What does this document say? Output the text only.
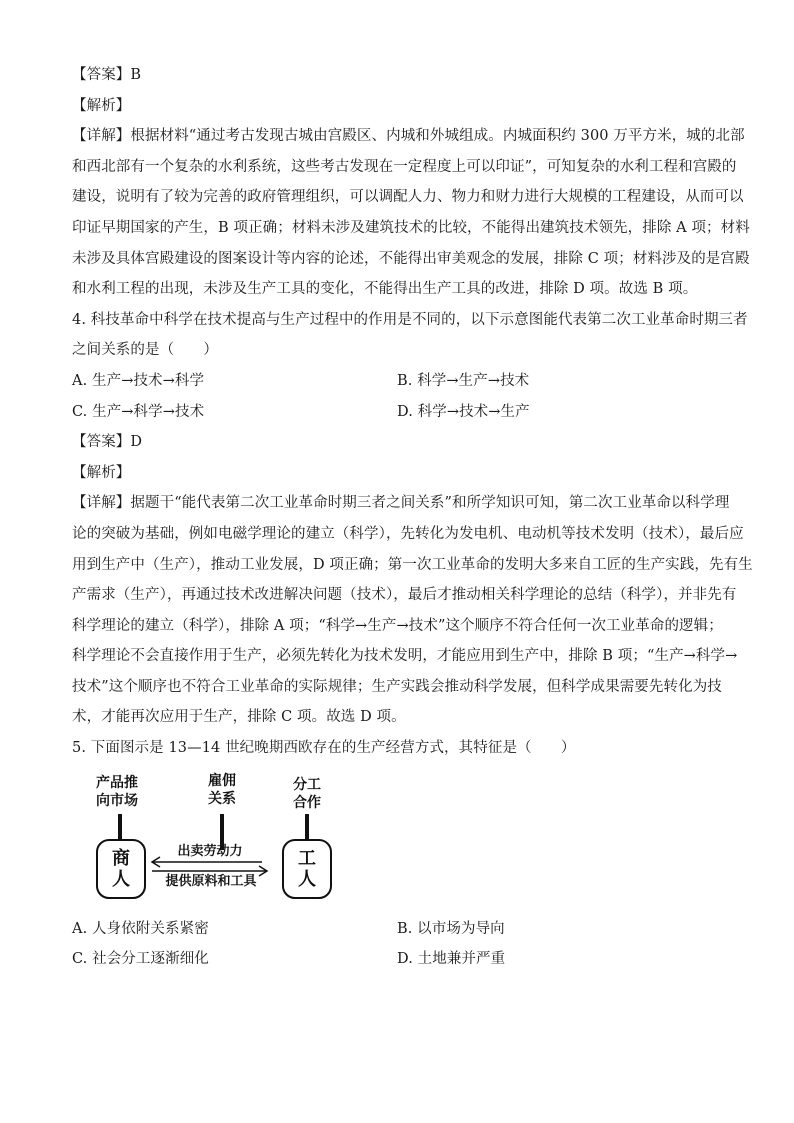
【答案】B
【解析】
【详解】根据材料“通过考古发现古城由宫殿区、内城和外城组成。内城面积约 300 万平方米，城的北部
和西北部有一个复杂的水利系统，这些考古发现在一定程度上可以印证”，可知复杂的水利工程和宫殿的
建设，说明有了较为完善的政府管理组织，可以调配人力、物力和财力进行大规模的工程建设，从而可以
印证早期国家的产生，B 项正确；材料未涉及建筑技术的比较，不能得出建筑技术领先，排除 A 项；材料
未涉及具体宫殿建设的图案设计等内容的论述，不能得出审美观念的发展，排除 C 项；材料涉及的是宫殿
和水利工程的出现，未涉及生产工具的变化，不能得出生产工具的改进，排除 D 项。故选 B 项。
4. 科技革命中科学在技术提高与生产过程中的作用是不同的，以下示意图能代表第二次工业革命时期三者
之间关系的是（　　）
A. 生产→技术→科学	B. 科学→生产→技术
C. 生产→科学→技术	D. 科学→技术→生产
【答案】D
【解析】
【详解】据题干“能代表第二次工业革命时期三者之间关系”和所学知识可知，第二次工业革命以科学理
论的突破为基础，例如电磁学理论的建立（科学），先转化为发电机、电动机等技术发明（技术），最后应
用到生产中（生产），推动工业发展，D 项正确；第一次工业革命的发明大多来自工匠的生产实践，先有生
产需求（生产），再通过技术改进解决问题（技术），最后才推动相关科学理论的总结（科学），并非先有
科学理论的建立（科学），排除 A 项；“科学→生产→技术”这个顺序不符合任何一次工业革命的逻辑；
科学理论不会直接作用于生产，必须先转化为技术发明，才能应用到生产中，排除 B 项；“生产→科学→
技术”这个顺序也不符合工业革命的实际规律；生产实践会推动科学发展，但科学成果需要先转化为技
术，才能再次应用于生产，排除 C 项。故选 D 项。
5. 下面图示是 13—14 世纪晚期西欧存在的生产经营方式，其特征是（　　）
产品推
向市场
雇佣
关系
分工
合作
商
人
工
人
出卖劳动力
提供原料和工具
A. 人身依附关系紧密	B. 以市场为导向
C. 社会分工逐渐细化	D. 土地兼并严重
